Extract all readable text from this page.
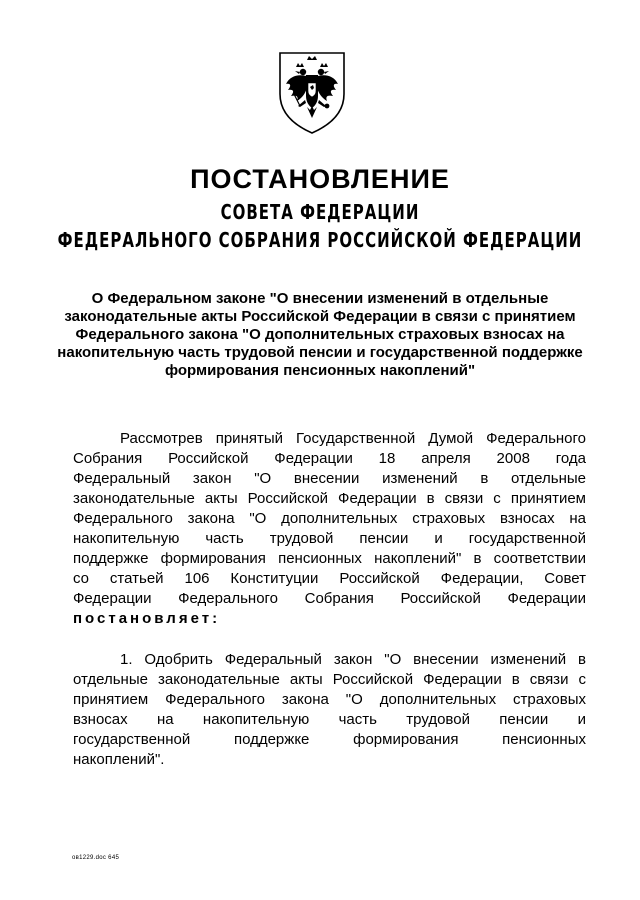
ПОСТАНОВЛЕНИЕ
СОВЕТА ФЕДЕРАЦИИ
ФЕДЕРАЛЬНОГО СОБРАНИЯ РОССИЙСКОЙ ФЕДЕРАЦИИ
О Федеральном законе "О внесении изменений в отдельные
законодательные акты Российской Федерации в связи с принятием
Федерального закона "О дополнительных страховых взносах на
накопительную часть трудовой пенсии и государственной поддержке
формирования пенсионных накоплений"
Рассмотрев принятый Государственной Думой Федерального
Собрания Российской Федерации 18 апреля 2008 года
Федеральный закон "О внесении изменений в отдельные
законодательные акты Российской Федерации в связи с принятием
Федерального закона "О дополнительных страховых взносах на
накопительную часть трудовой пенсии и государственной
поддержке формирования пенсионных накоплений" в соответствии
со статьей 106 Конституции Российской Федерации, Совет
Федерации Федерального Собрания Российской Федерации
постановляет:
1. Одобрить Федеральный закон "О внесении изменений в
отдельные законодательные акты Российской Федерации в связи с
принятием Федерального закона "О дополнительных страховых
взносах на накопительную часть трудовой пенсии и
государственной поддержке формирования пенсионных
накоплений".
ов1229.doc 645
